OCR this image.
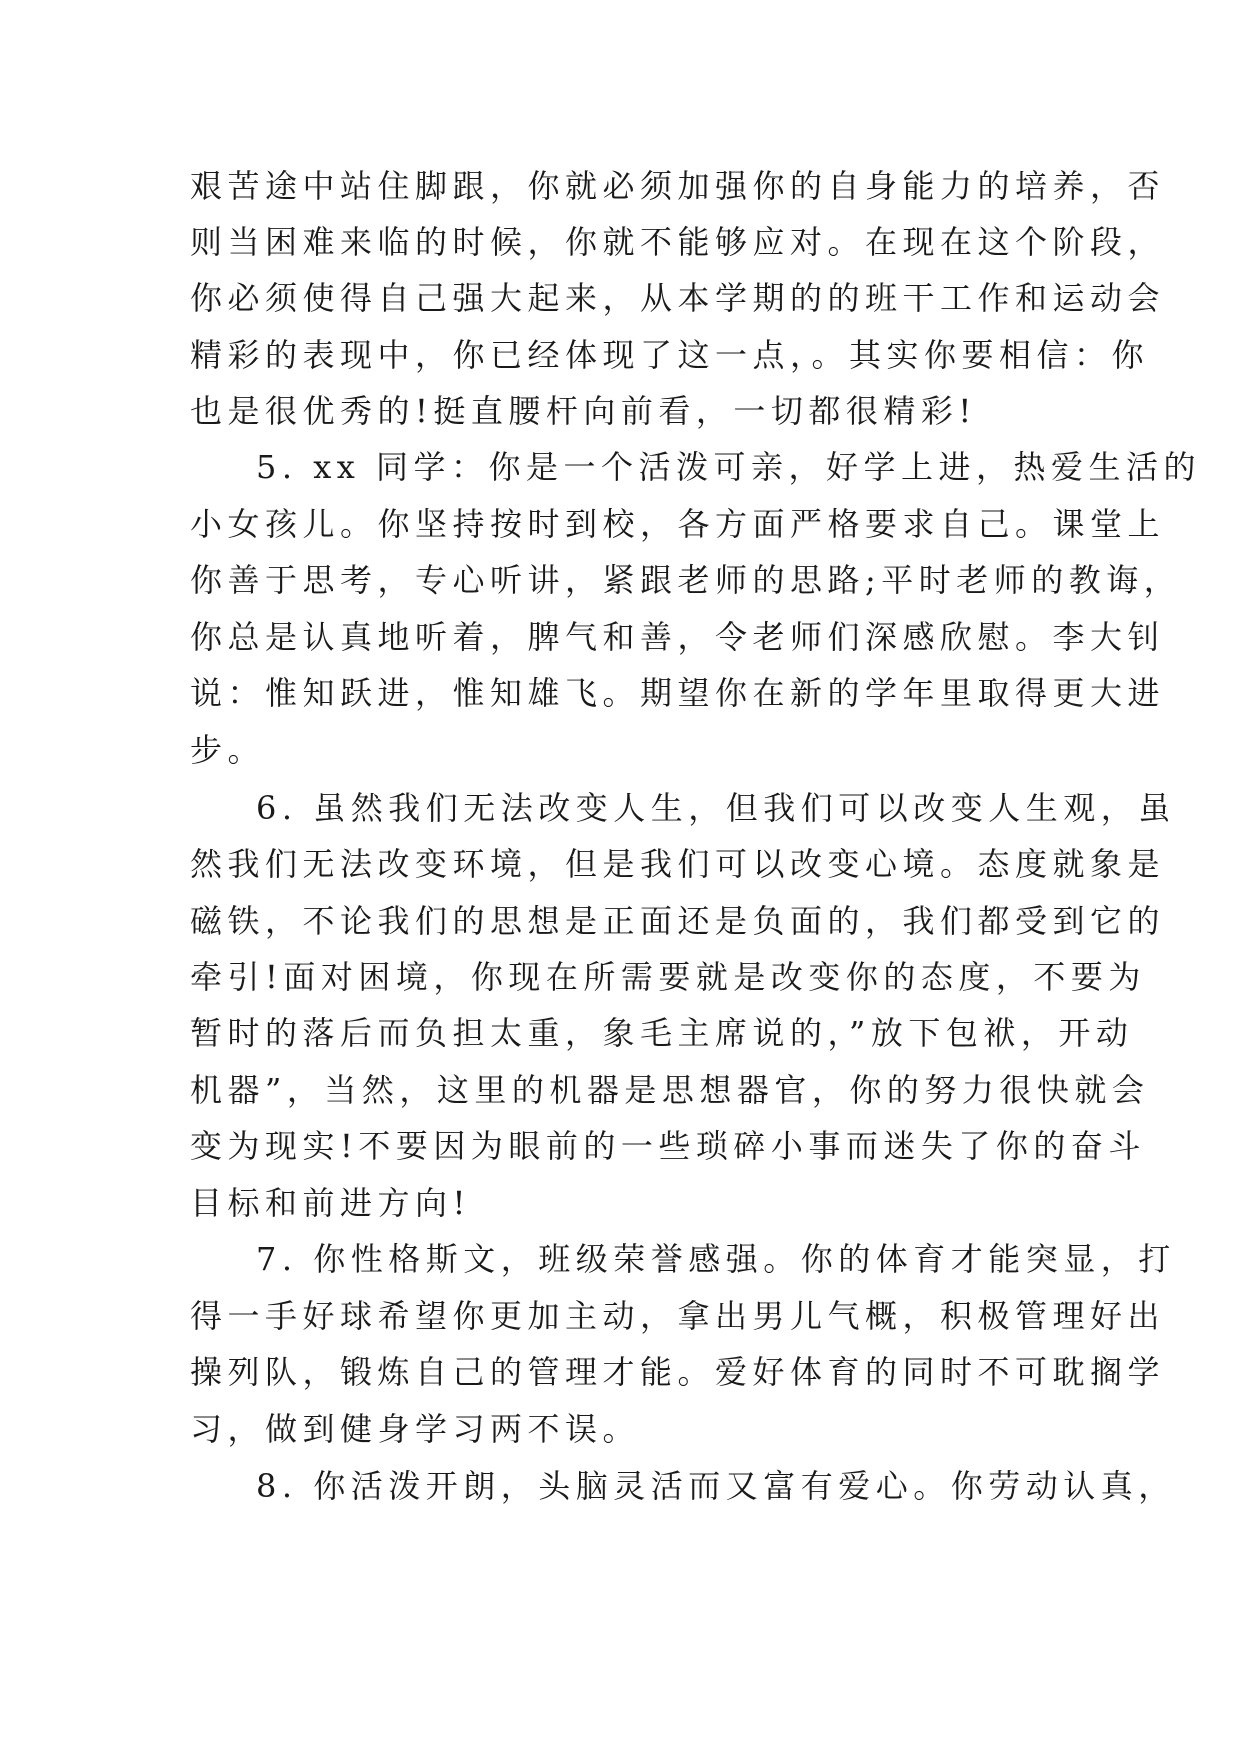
艰苦途中站住脚跟，你就必须加强你的自身能力的培养，否
则当困难来临的时候，你就不能够应对。在现在这个阶段，
你必须使得自己强大起来，从本学期的的班干工作和运动会
精彩的表现中，你已经体现了这一点，。其实你要相信：你
也是很优秀的!挺直腰杆向前看，一切都很精彩!
5. xx 同学：你是一个活泼可亲，好学上进，热爱生活的
小女孩儿。你坚持按时到校，各方面严格要求自己。课堂上
你善于思考，专心听讲，紧跟老师的思路;平时老师的教诲，
你总是认真地听着，脾气和善，令老师们深感欣慰。李大钊
说：惟知跃进，惟知雄飞。期望你在新的学年里取得更大进
步。
6. 虽然我们无法改变人生，但我们可以改变人生观，虽
然我们无法改变环境，但是我们可以改变心境。态度就象是
磁铁，不论我们的思想是正面还是负面的，我们都受到它的
牵引!面对困境，你现在所需要就是改变你的态度，不要为
暂时的落后而负担太重，象毛主席说的，”放下包袱，开动
机器”，当然，这里的机器是思想器官，你的努力很快就会
变为现实!不要因为眼前的一些琐碎小事而迷失了你的奋斗
目标和前进方向!
7. 你性格斯文，班级荣誉感强。你的体育才能突显，打
得一手好球希望你更加主动，拿出男儿气概，积极管理好出
操列队，锻炼自己的管理才能。爱好体育的同时不可耽搁学
习，做到健身学习两不误。
8. 你活泼开朗，头脑灵活而又富有爱心。你劳动认真，
